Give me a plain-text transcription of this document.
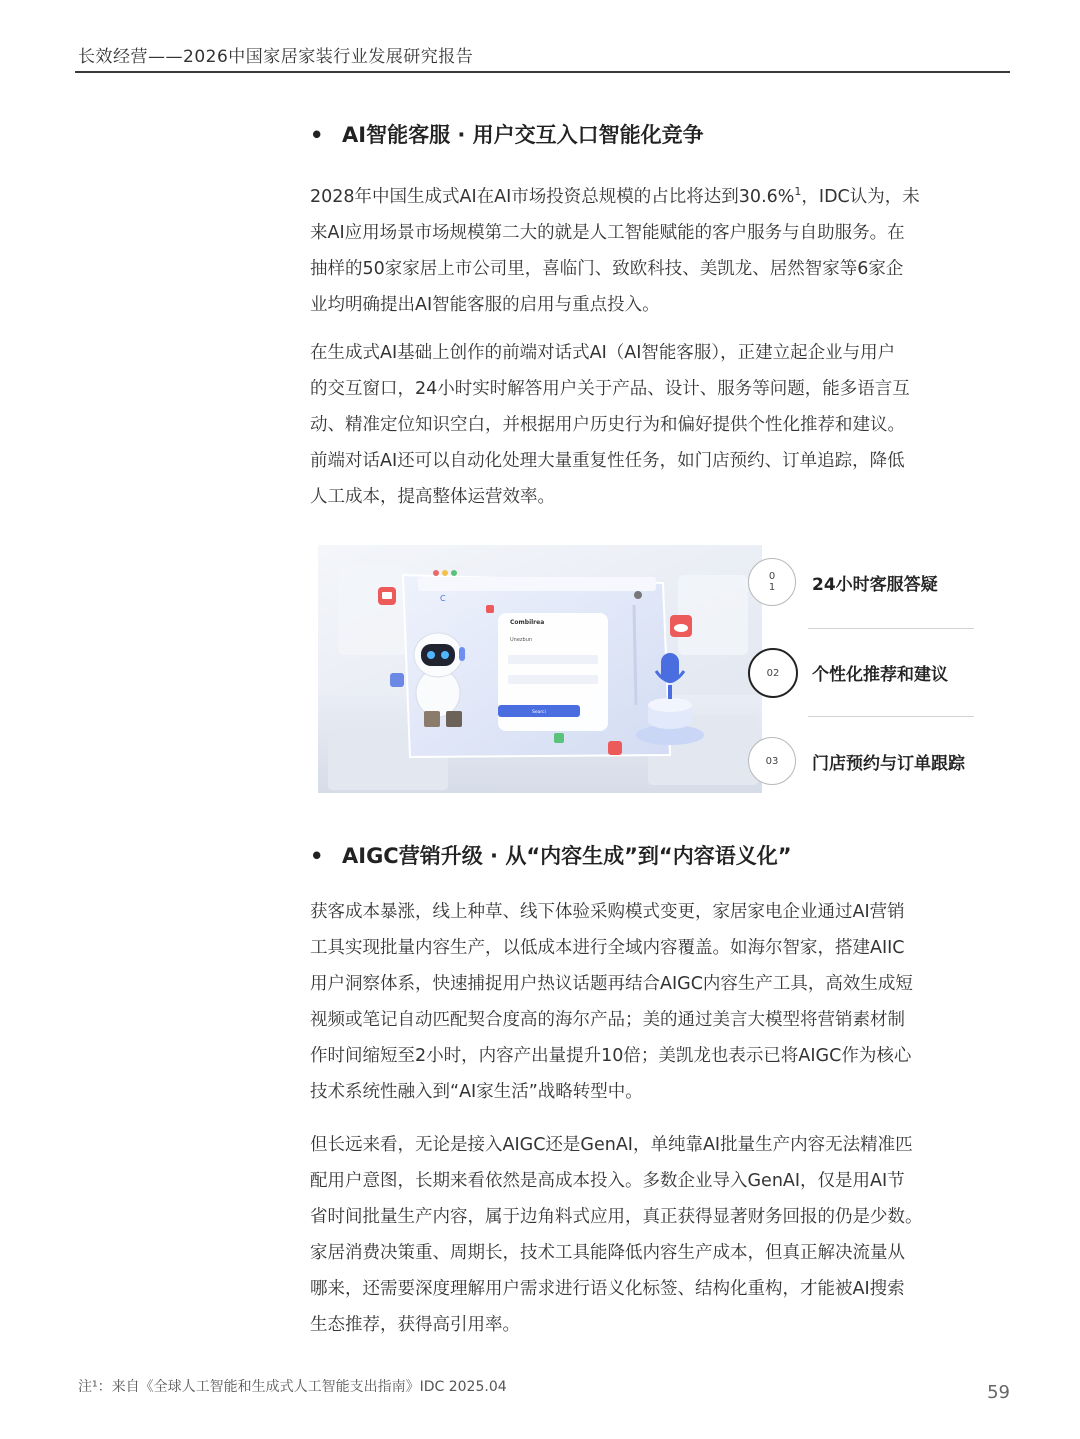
长效经营——2026中国家居家装行业发展研究报告
• AI智能客服 · 用户交互入口智能化竞争

2028年中国生成式AI在AI市场投资总规模的占比将达到30.6%$^1$，IDC认为，未
来AI应用场景市场规模第二大的就是人工智能赋能的客户服务与自助服务。在
抽样的50家家居上市公司里，喜临门、致欧科技、美凯龙、居然智家等6家企
业均明确提出AI智能客服的启用与重点投入。

在生成式AI基础上创作的前端对话式AI（AI智能客服），正建立起企业与用户
的交互窗口，24小时实时解答用户关于产品、设计、服务等问题，能多语言互
动、精准定位知识空白，并根据用户历史行为和偏好提供个性化推荐和建议。
前端对话AI还可以自动化处理大量重复性任务，如门店预约、订单追踪，降低
人工成本，提高整体运营效率。

C
Combilrea
Unezbun
Searci
0
1 24小时客服答疑
02	个性化推荐和建议
03	门店预约与订单跟踪
• AIGC营销升级 · 从“内容生成”到“内容语义化”

获客成本暴涨，线上种草、线下体验采购模式变更，家居家电企业通过AI营销
工具实现批量内容生产，以低成本进行全域内容覆盖。如海尔智家，搭建AIIC
用户洞察体系，快速捕捉用户热议话题再结合AIGC内容生产工具，高效生成短
视频或笔记自动匹配契合度高的海尔产品；美的通过美言大模型将营销素材制
作时间缩短至2小时，内容产出量提升10倍；美凯龙也表示已将AIGC作为核心
技术系统性融入到“AI家生活”战略转型中。

但长远来看，无论是接入AIGC还是GenAI，单纯靠AI批量生产内容无法精准匹
配用户意图，长期来看依然是高成本投入。多数企业导入GenAI，仅是用AI节
省时间批量生产内容，属于边角料式应用，真正获得显著财务回报的仍是少数。
家居消费决策重、周期长，技术工具能降低内容生产成本，但真正解决流量从
哪来，还需要深度理解用户需求进行语义化标签、结构化重构，才能被AI搜索
生态推荐，获得高引用率。

注¹：来自《全球人工智能和生成式人工智能支出指南》IDC 2025.04	59
